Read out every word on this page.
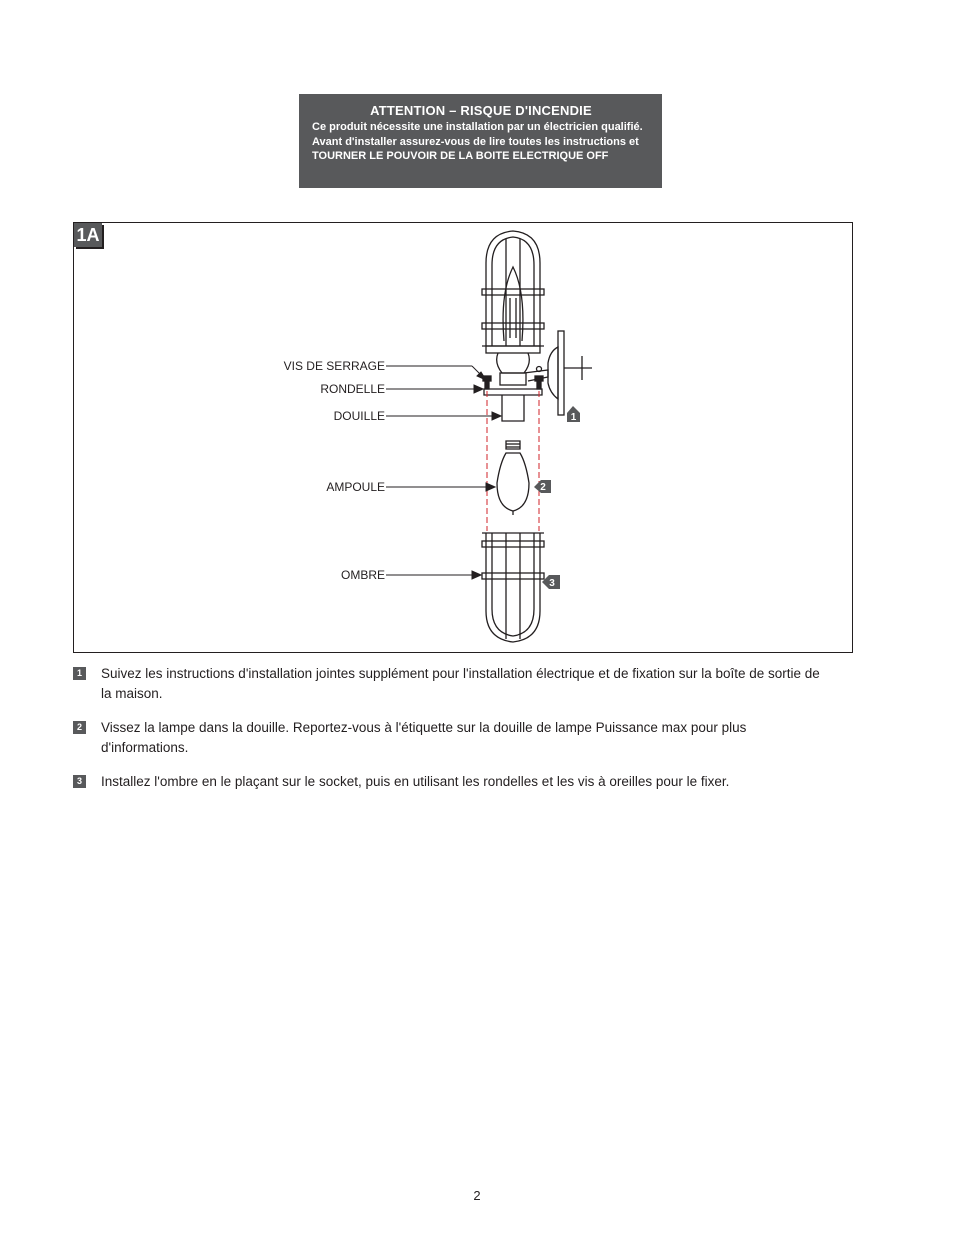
ATTENTION – RISQUE D'INCENDIE
Ce produit nécessite une installation par un électricien qualifié. Avant d'installer assurez-vous de lire toutes les instructions et TOURNER LE POUVOIR DE LA BOITE ELECTRIQUE OFF
1A
VIS DE SERRAGE
RONDELLE
DOUILLE
AMPOULE
OMBRE
1
2
3
1 Suivez les instructions d'installation jointes supplément pour l'installation électrique et de fixation sur la boîte de sortie de la maison.
2 Vissez la lampe dans la douille. Reportez-vous à l'étiquette sur la douille de lampe Puissance max pour plus d'informations.
3 Installez l'ombre en le plaçant sur le socket, puis en utilisant les rondelles et les vis à oreilles pour le fixer.
2
